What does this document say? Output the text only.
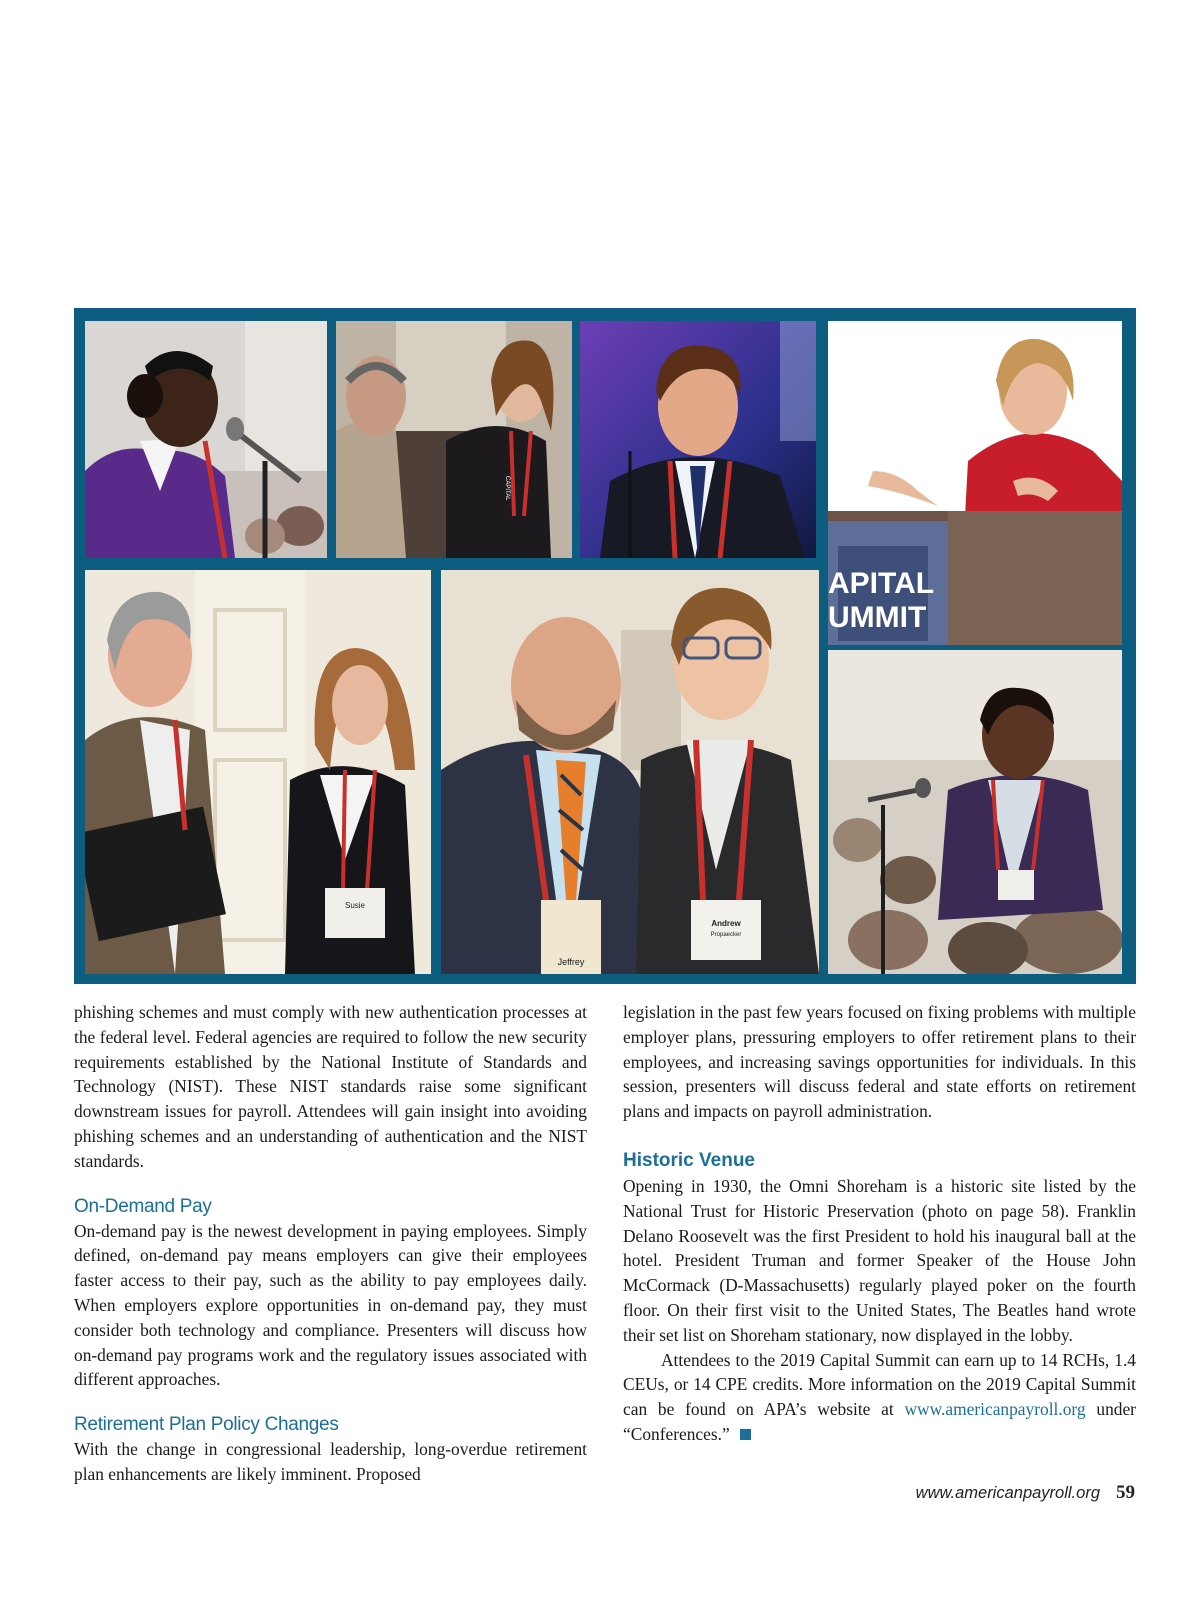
CAPITAL
APITAL
UMMIT
Susie
Jeffrey
Andrew
Propaecker

phishing schemes and must comply with new authentication processes at the federal level. Federal agencies are required to follow the new security requirements established by the National Institute of Standards and Technology (NIST). These NIST standards raise some significant downstream issues for payroll. Attendees will gain insight into avoiding phishing schemes and an understanding of authentication and the NIST standards.

On-Demand Pay

On-demand pay is the newest development in paying employees. Simply defined, on-demand pay means employers can give their employees faster access to their pay, such as the ability to pay employees daily. When employers explore opportunities in on-demand pay, they must consider both technology and compliance. Presenters will discuss how on-demand pay programs work and the regulatory issues associated with different approaches.

Retirement Plan Policy Changes

With the change in congressional leadership, long-overdue retirement plan enhancements are likely imminent. Proposed

legislation in the past few years focused on fixing problems with multiple employer plans, pressuring employers to offer retirement plans to their employees, and increasing savings opportunities for individuals. In this session, presenters will discuss federal and state efforts on retirement plans and impacts on payroll administration.

Historic Venue

Opening in 1930, the Omni Shoreham is a historic site listed by the National Trust for Historic Preservation (photo on page 58). Franklin Delano Roosevelt was the first President to hold his inaugural ball at the hotel. President Truman and former Speaker of the House John McCormack (D-Massachusetts) regularly played poker on the fourth floor. On their first visit to the United States, The Beatles hand wrote their set list on Shoreham stationary, now displayed in the lobby.

Attendees to the 2019 Capital Summit can earn up to 14 RCHs, 1.4 CEUs, or 14 CPE credits. More information on the 2019 Capital Summit can be found on APA’s website at www.americanpayroll.org under “Conferences.”

www.americanpayroll.org 59
